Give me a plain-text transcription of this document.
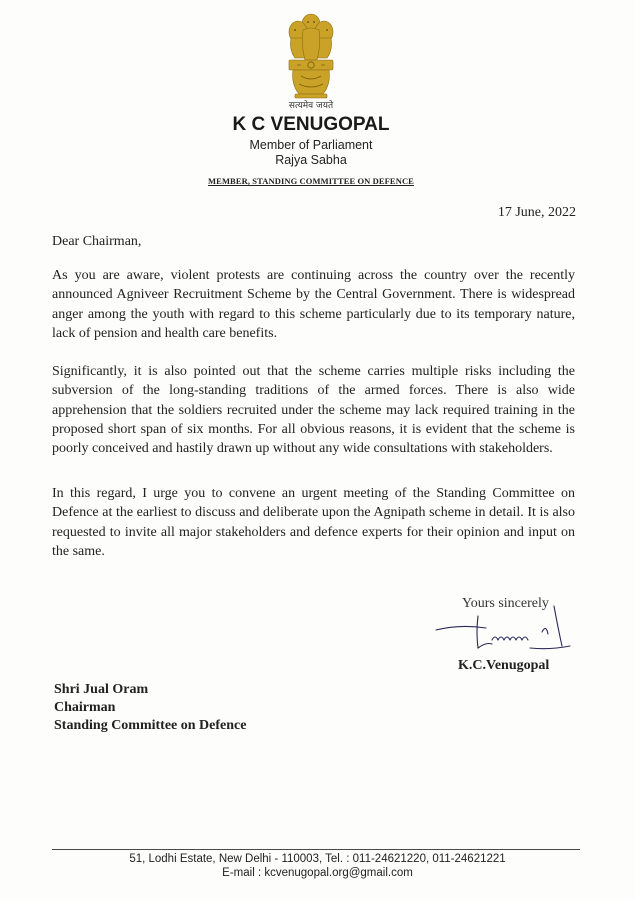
सत्यमेव जयते
K C VENUGOPAL
Member of Parliament
Rajya Sabha
MEMBER, STANDING COMMITTEE ON DEFENCE
17 June, 2022
Dear Chairman,

As you are aware, violent protests are continuing across the country over the recently announced Agniveer Recruitment Scheme by the Central Government. There is widespread anger among the youth with regard to this scheme particularly due to its temporary nature, lack of pension and health care benefits.

Significantly, it is also pointed out that the scheme carries multiple risks including the subversion of the long-standing traditions of the armed forces. There is also wide apprehension that the soldiers recruited under the scheme may lack required training in the proposed short span of six months. For all obvious reasons, it is evident that the scheme is poorly conceived and hastily drawn up without any wide consultations with stakeholders.

In this regard, I urge you to convene an urgent meeting of the Standing Committee on Defence at the earliest to discuss and deliberate upon the Agnipath scheme in detail. It is also requested to invite all major stakeholders and defence experts for their opinion and input on the same.

Yours sincerely
K.C.Venugopal
Shri Jual Oram
Chairman
Standing Committee on Defence
51, Lodhi Estate, New Delhi - 110003, Tel. : 011-24621220, 011-24621221
E-mail : kcvenugopal.org@gmail.com
